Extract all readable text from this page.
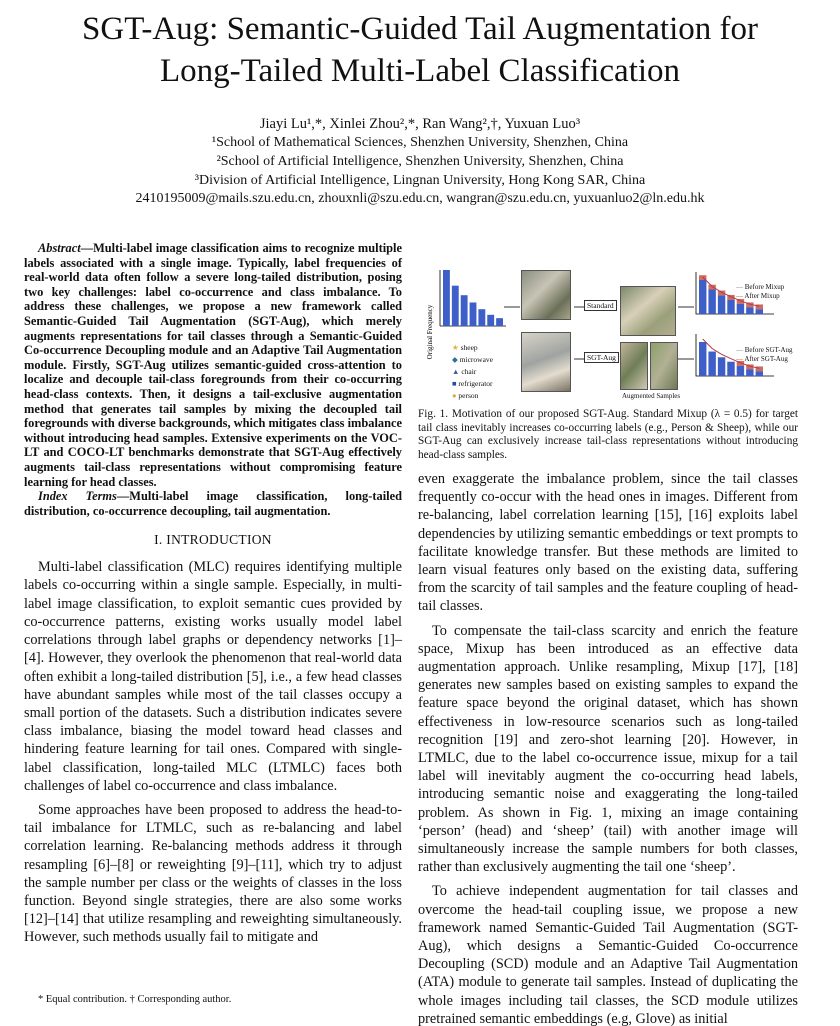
SGT-Aug: Semantic-Guided Tail Augmentation for
Long-Tailed Multi-Label Classification
Jiayi Lu¹,*, Xinlei Zhou²,*, Ran Wang²,†, Yuxuan Luo³
¹School of Mathematical Sciences, Shenzhen University, Shenzhen, China
²School of Artificial Intelligence, Shenzhen University, Shenzhen, China
³Division of Artificial Intelligence, Lingnan University, Hong Kong SAR, China
2410195009@mails.szu.edu.cn, zhouxnli@szu.edu.cn, wangran@szu.edu.cn, yuxuanluo2@ln.edu.hk
Abstract—Multi-label image classification aims to recognize multiple labels associated with a single image. Typically, label frequencies of real-world data often follow a severe long-tailed distribution, posing two key challenges: label co-occurrence and class imbalance. To address these challenges, we propose a new framework called Semantic-Guided Tail Augmentation (SGT-Aug), which merely augments representations for tail classes through a Semantic-Guided Co-occurrence Decoupling module and an Adaptive Tail Augmentation module. Firstly, SGT-Aug utilizes semantic-guided cross-attention to localize and decouple tail-class foregrounds from their co-occurring head-class contexts. Then, it designs a tail-exclusive augmentation method that generates tail samples by mixing the decoupled tail foregrounds with diverse backgrounds, which mitigates class imbalance without introducing head samples. Extensive experiments on the VOC-LT and COCO-LT benchmarks demonstrate that SGT-Aug effectively augments tail-class representations without compromising feature learning for head classes.
Index Terms—Multi-label image classification, long-tailed distribution, co-occurrence decoupling, tail augmentation.
I. INTRODUCTION

Multi-label classification (MLC) requires identifying multiple labels co-occurring within a single sample. Especially, in multi-label image classification, to exploit semantic cues provided by co-occurrence patterns, existing works usually model label correlations through label graphs or dependency networks [1]–[4]. However, they overlook the phenomenon that real-world data often exhibit a long-tailed distribution [5], i.e., a few head classes have abundant samples while most of the tail classes occupy a small portion of the datasets. Such a distribution indicates severe class imbalance, biasing the model toward head classes and hindering feature learning for tail ones. Compared with single-label classification, long-tailed MLC (LTMLC) faces both challenges of label co-occurrence and class imbalance.

Some approaches have been proposed to address the head-to-tail imbalance for LTMLC, such as re-balancing and label correlation learning. Re-balancing methods address it through resampling [6]–[8] or reweighting [9]–[11], which try to adjust the sample number per class or the weights of classes in the loss function. Beyond single strategies, there are also some works [12]–[14] that utilize resampling and reweighting simultaneously. However, such methods usually fail to mitigate and

Original Frequency ★ sheep
◆ microwave
▲ chair
■ refrigerator
● person
Standard
SGT-Aug
Augmented Samples
— Before Mixup
— After Mixup
— Before SGT-Aug
— After SGT-Aug
Fig. 1. Motivation of our proposed SGT-Aug. Standard Mixup (λ = 0.5) for target tail class inevitably increases co-occurring labels (e.g., Person & Sheep), while our SGT-Aug can exclusively increase tail-class representations without introducing head-class samples.

even exaggerate the imbalance problem, since the tail classes frequently co-occur with the head ones in images. Different from re-balancing, label correlation learning [15], [16] exploits label dependencies by utilizing semantic embeddings or text prompts to facilitate knowledge transfer. But these methods are limited to learn visual features only based on the existing data, suffering from the scarcity of tail samples and the feature coupling of head-tail classes.

To compensate the tail-class scarcity and enrich the feature space, Mixup has been introduced as an effective data augmentation approach. Unlike resampling, Mixup [17], [18] generates new samples based on existing samples to expand the feature space beyond the original dataset, which has shown effectiveness in low-resource scenarios such as long-tailed recognition [19] and zero-shot learning [20]. However, in LTMLC, due to the label co-occurrence issue, mixup for a tail label will inevitably augment the co-occurring head labels, introducing semantic noise and exaggerating the long-tailed problem. As shown in Fig. 1, mixing an image containing ‘person’ (head) and ‘sheep’ (tail) with another image will simultaneously increase the sample numbers for both classes, rather than exclusively augmenting the tail one ‘sheep’.

To achieve independent augmentation for tail classes and overcome the head-tail coupling issue, we propose a new framework named Semantic-Guided Tail Augmentation (SGT-Aug), which designs a Semantic-Guided Co-occurrence Decoupling (SCD) module and an Adaptive Tail Augmentation (ATA) module to generate tail samples. Instead of duplicating the whole images including tail classes, the SCD module utilizes pretrained semantic embeddings (e.g, Glove) as initial

* Equal contribution. † Corresponding author.
